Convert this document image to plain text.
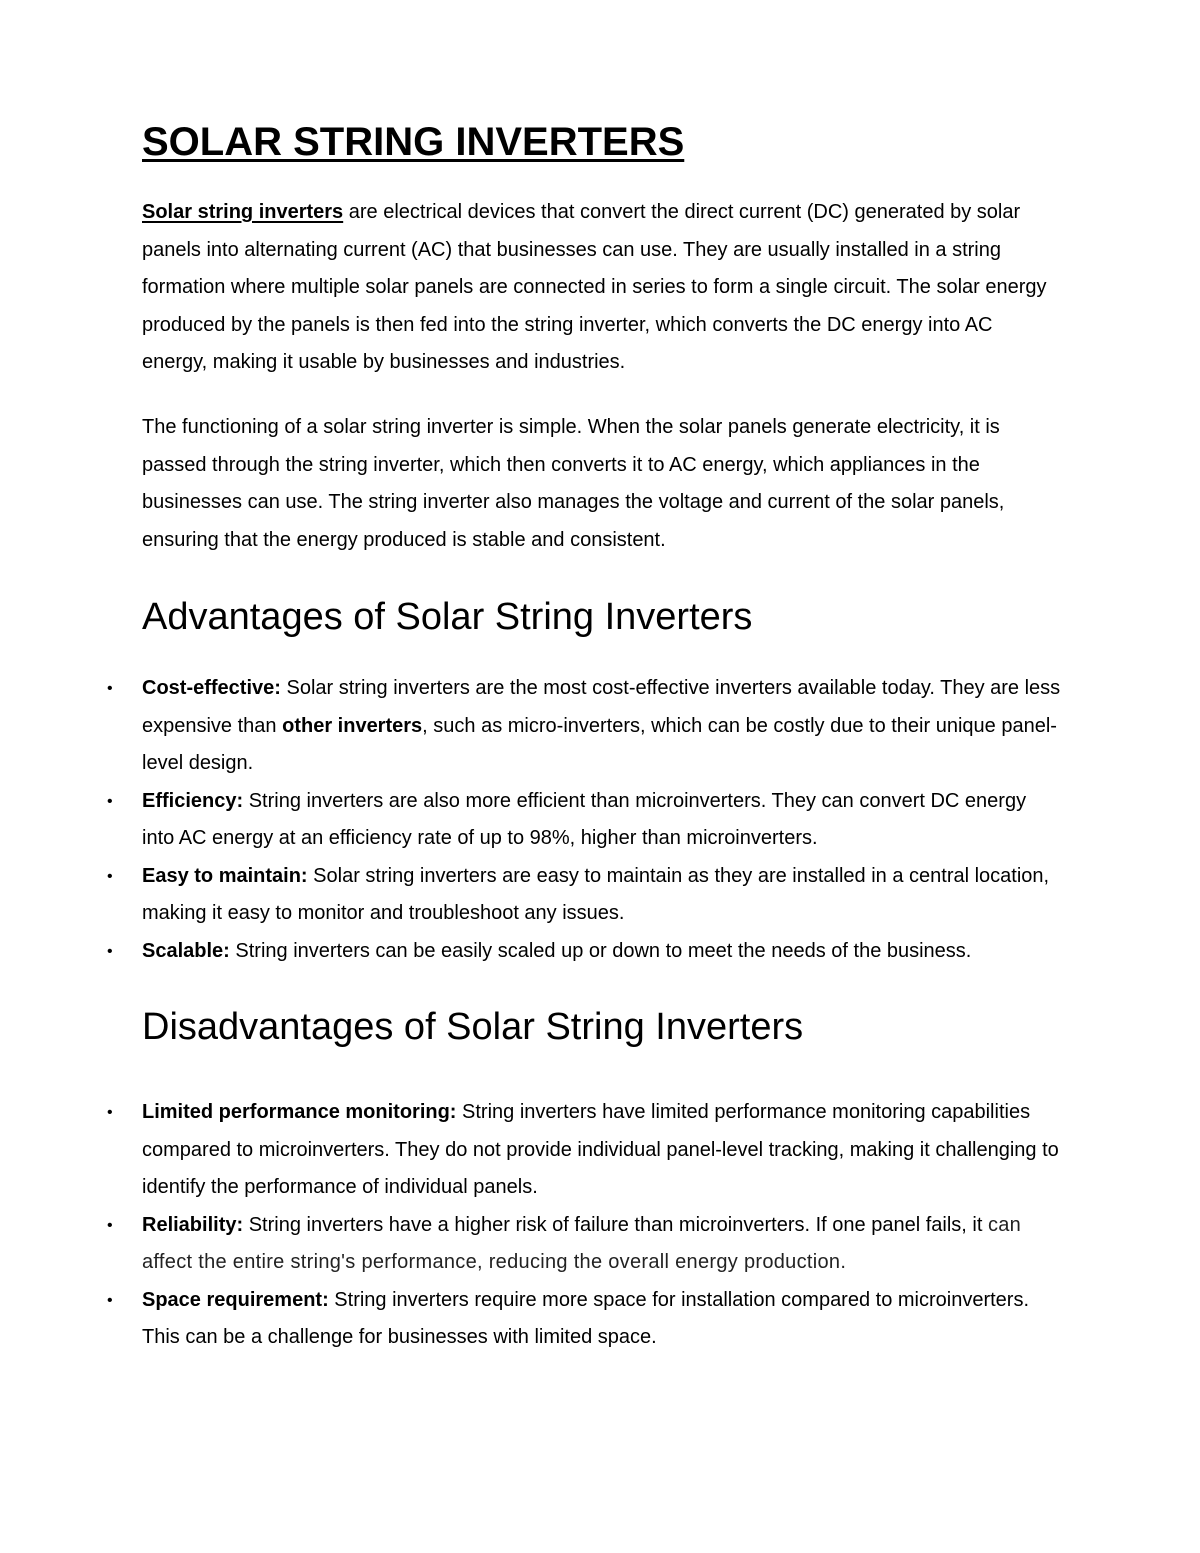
SOLAR STRING INVERTERS

Solar string inverters are electrical devices that convert the direct current (DC) generated by solar panels into alternating current (AC) that businesses can use. They are usually installed in a string formation where multiple solar panels are connected in series to form a single circuit. The solar energy produced by the panels is then fed into the string inverter, which converts the DC energy into AC energy, making it usable by businesses and industries.

The functioning of a solar string inverter is simple. When the solar panels generate electricity, it is passed through the string inverter, which then converts it to AC energy, which appliances in the businesses can use. The string inverter also manages the voltage and current of the solar panels, ensuring that the energy produced is stable and consistent.

Advantages of Solar String Inverters
• Cost-effective: Solar string inverters are the most cost-effective inverters available today. They are less expensive than other inverters, such as micro-inverters, which can be costly due to their unique panel-level design.
• Efficiency: String inverters are also more efficient than microinverters. They can convert DC energy into AC energy at an efficiency rate of up to 98%, higher than microinverters.
• Easy to maintain: Solar string inverters are easy to maintain as they are installed in a central location, making it easy to monitor and troubleshoot any issues.
• Scalable: String inverters can be easily scaled up or down to meet the needs of the business.
Disadvantages of Solar String Inverters
• Limited performance monitoring: String inverters have limited performance monitoring capabilities compared to microinverters. They do not provide individual panel-level tracking, making it challenging to identify the performance of individual panels.
• Reliability: String inverters have a higher risk of failure than microinverters. If one panel fails, it can affect the entire string's performance, reducing the overall energy production.
• Space requirement: String inverters require more space for installation compared to microinverters. This can be a challenge for businesses with limited space.
